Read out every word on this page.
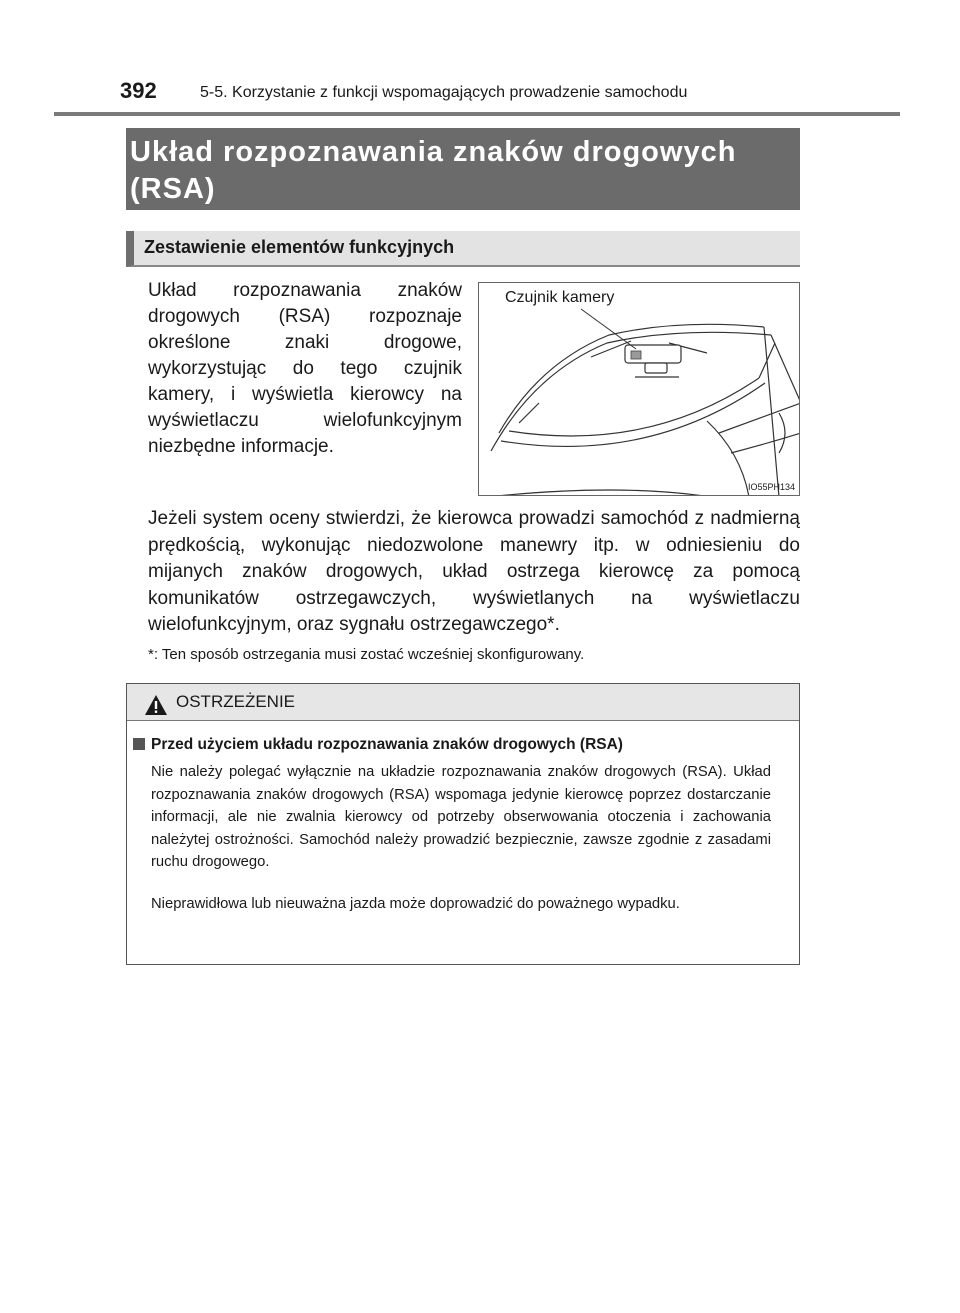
392	5-5. Korzystanie z funkcji wspomagających prowadzenie samochodu
Układ rozpoznawania znaków drogowych
(RSA)
Zestawienie elementów funkcyjnych

Układ rozpoznawania znaków drogowych (RSA) rozpoznaje określone znaki drogowe, wykorzystując do tego czujnik kamery, i wyświetla kierowcy na wyświetlaczu wielofunkcyjnym niezbędne informacje.

Czujnik kamery
IO55PH134

Jeżeli system oceny stwierdzi, że kierowca prowadzi samochód z nadmierną prędkością, wykonując niedozwolone manewry itp. w odniesieniu do mijanych znaków drogowych, układ ostrzega kierowcę za pomocą komunikatów ostrzegawczych, wyświetlanych na wyświetlaczu wielofunkcyjnym, oraz sygnału ostrzegawczego*.

*: Ten sposób ostrzegania musi zostać wcześniej skonfigurowany.

OSTRZEŻENIE
Przed użyciem układu rozpoznawania znaków drogowych (RSA)

Nie należy polegać wyłącznie na układzie rozpoznawania znaków drogowych (RSA). Układ rozpoznawania znaków drogowych (RSA) wspomaga jedynie kierowcę poprzez dostarczanie informacji, ale nie zwalnia kierowcy od potrzeby obserwowania otoczenia i zachowania należytej ostrożności. Samochód należy prowadzić bezpiecznie, zawsze zgodnie z zasadami ruchu drogowego.

Nieprawidłowa lub nieuważna jazda może doprowadzić do poważnego wypadku.
